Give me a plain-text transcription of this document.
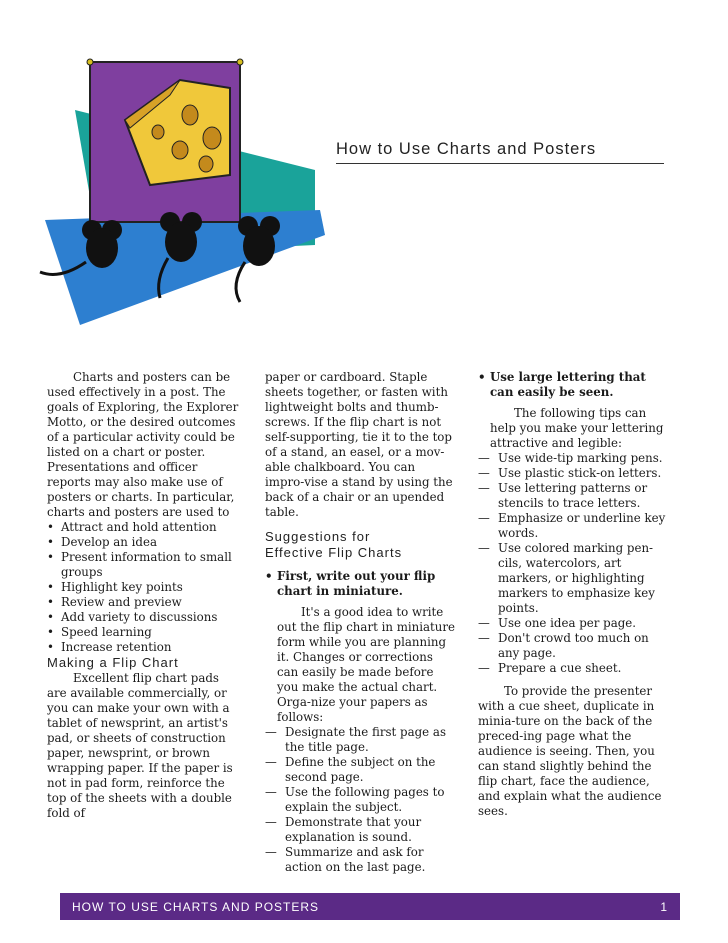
How to Use Charts and Posters

Charts and posters can be used effectively in a post. The goals of Exploring, the Explorer Motto, or the desired outcomes of a particular activity could be listed on a chart or poster. Presentations and officer reports may also make use of posters or charts. In particular, charts and posters are used to

• Attract and hold attention

• Develop an idea

• Present information to small groups

• Highlight key points

• Review and preview

• Add variety to discussions

• Speed learning

• Increase retention

Making a Flip Chart

Excellent flip chart pads are available commercially, or you can make your own with a tablet of newsprint, an artist's pad, or sheets of construction paper, newsprint, or brown wrapping paper. If the paper is not in pad form, reinforce the top of the sheets with a double fold of

paper or cardboard. Staple sheets together, or fasten with lightweight bolts and thumb-screws. If the flip chart is not self-supporting, tie it to the top of a stand, an easel, or a mov-able chalkboard. You can impro-vise a stand by using the back of a chair or an upended table.

Suggestions for
Effective Flip Charts

• First, write out your flip chart in miniature.

It's a good idea to write out the flip chart in miniature form while you are planning it. Changes or corrections can easily be made before you make the actual chart. Orga-nize your papers as follows:

— Designate the first page as the title page.

— Define the subject on the second page.

— Use the following pages to explain the subject.

— Demonstrate that your explanation is sound.

— Summarize and ask for action on the last page.

• Use large lettering that can easily be seen.

The following tips can help you make your lettering attractive and legible:

— Use wide-tip marking pens.

— Use plastic stick-on letters.

— Use lettering patterns or stencils to trace letters.

— Emphasize or underline key words.

— Use colored marking pen-cils, watercolors, art markers, or highlighting markers to emphasize key points.

— Use one idea per page.

— Don't crowd too much on any page.

— Prepare a cue sheet.

To provide the presenter with a cue sheet, duplicate in minia-ture on the back of the preced-ing page what the audience is seeing. Then, you can stand slightly behind the flip chart, face the audience, and explain what the audience sees.

HOW TO USE CHARTS AND POSTERS	1
